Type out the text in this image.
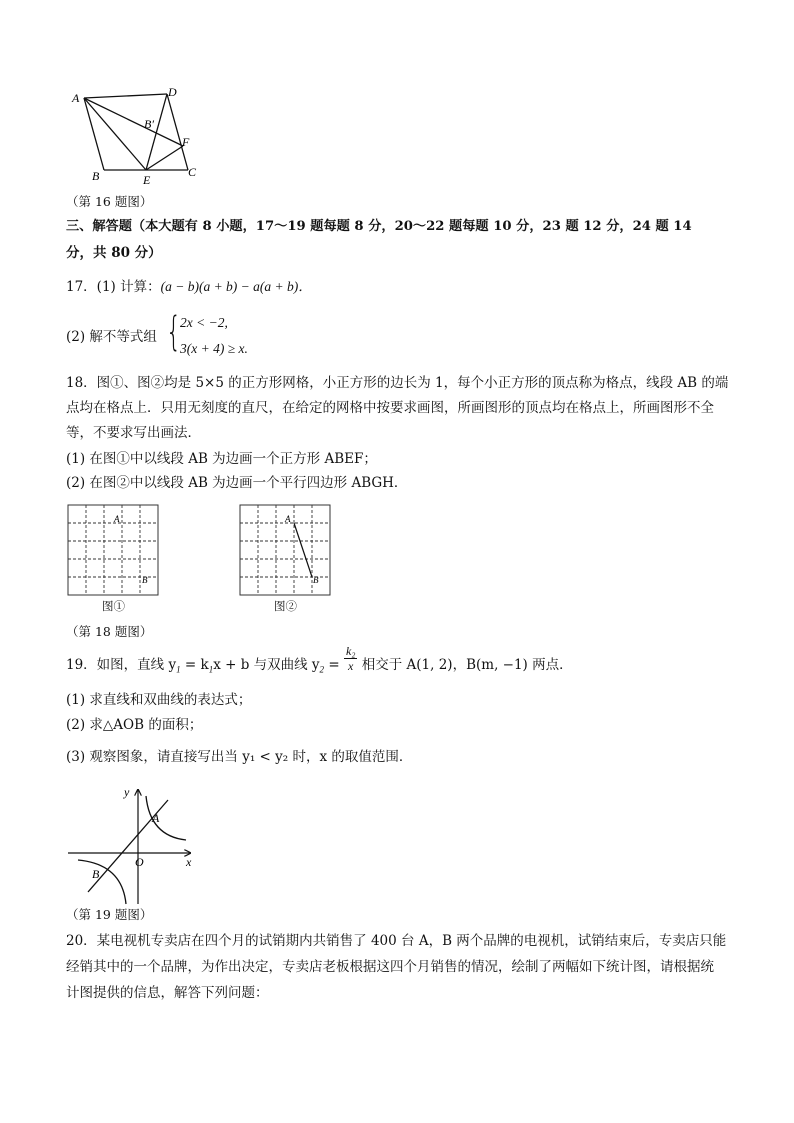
A	D
B′
F
B	E
C
（第 16 题图）
三、解答题（本大题有 8 小题，17～19 题每题 8 分，20～22 题每题 10 分，23 题 12 分，24 题 14
分，共 80 分）
17．(1) 计算：(a − b)(a + b) − a(a + b)．
(2) 解不等式组 {
2x < −2,
3(x + 4) ≥ x.
18．图①、图②均是 5×5 的正方形网格，小正方形的边长为 1，每个小正方形的顶点称为格点，线段 AB 的端
点均在格点上．只用无刻度的直尺，在给定的网格中按要求画图，所画图形的顶点均在格点上，所画图形不全
等，不要求写出画法．
(1) 在图①中以线段 AB 为边画一个正方形 ABEF；
(2) 在图②中以线段 AB 为边画一个平行四边形 ABGH．
A
B
图①
A
B
图②
（第 18 题图）
19．如图，直线 $y_1 = k_1x + b$ 与双曲线 $y_2 = \frac{\text{k₂}}{x}$ 相交于 A(1, 2)，B(m, −1) 两点．
(1) 求直线和双曲线的表达式；
(2) 求△AOB 的面积；
(3) 观察图象，请直接写出当 y₁ < y₂ 时，x 的取值范围．
y
x
O
A
B
（第 19 题图）
20．某电视机专卖店在四个月的试销期内共销售了 400 台 A，B 两个品牌的电视机，试销结束后，专卖店只能
经销其中的一个品牌，为作出决定，专卖店老板根据这四个月销售的情况，绘制了两幅如下统计图，请根据统
计图提供的信息，解答下列问题：
